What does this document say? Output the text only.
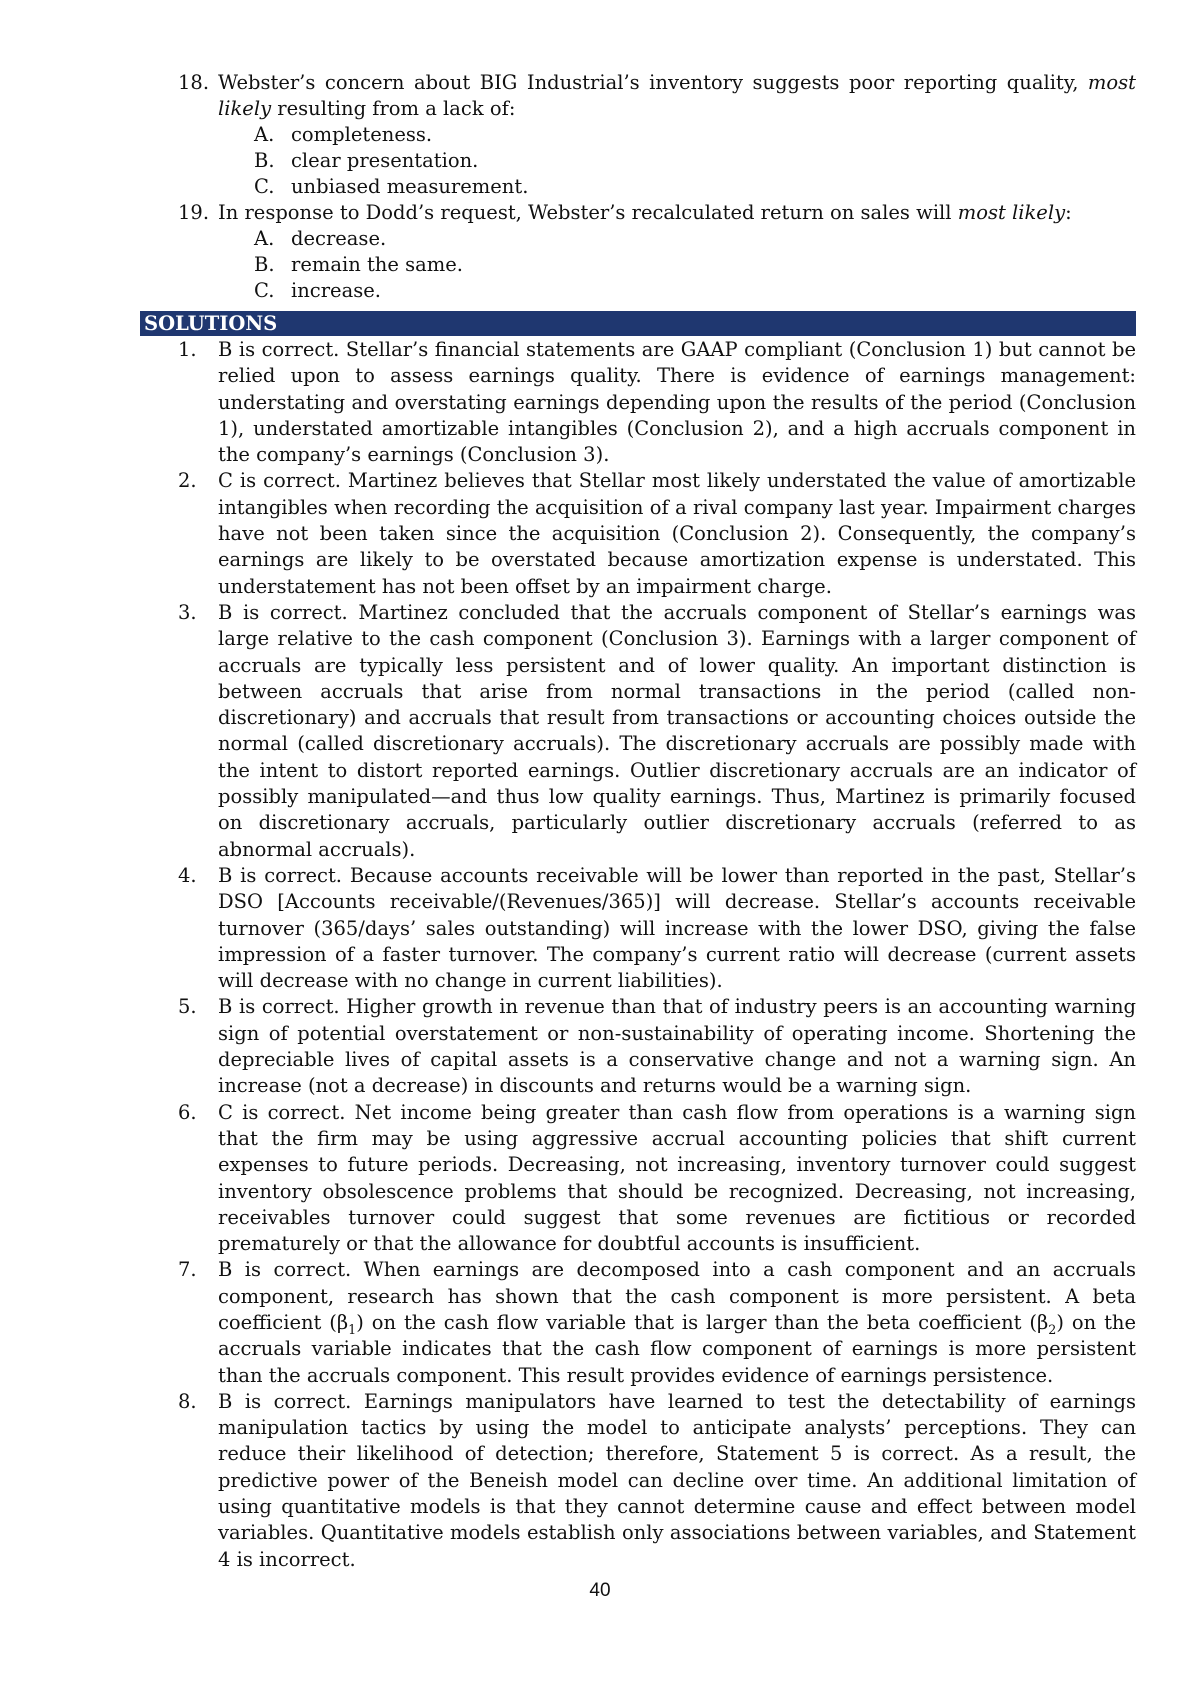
18. Webster’s concern about BIG Industrial’s inventory suggests poor reporting quality, most likely resulting from a lack of:
A. completeness.
B. clear presentation.
C. unbiased measurement.
19. In response to Dodd’s request, Webster’s recalculated return on sales will most likely:
A. decrease.
B. remain the same.
C. increase.
SOLUTIONS
1. B is correct. Stellar’s financial statements are GAAP compliant (Conclusion 1) but cannot be relied upon to assess earnings quality. There is evidence of earnings management: understating and overstating earnings depending upon the results of the period (Conclusion 1), understated amortizable intangibles (Conclusion 2), and a high accruals component in the company’s earnings (Conclusion 3).
2. C is correct. Martinez believes that Stellar most likely understated the value of amortizable intangibles when recording the acquisition of a rival company last year. Impairment charges have not been taken since the acquisition (Conclusion 2). Consequently, the company’s earnings are likely to be overstated because amortization expense is understated. This understatement has not been offset by an impairment charge.
3. B is correct. Martinez concluded that the accruals component of Stellar’s earnings was large relative to the cash component (Conclusion 3). Earnings with a larger component of accruals are typically less persistent and of lower quality. An important distinction is between accruals that arise from normal transactions in the period (called non-discretionary) and accruals that result from transactions or accounting choices outside the normal (called discretionary accruals). The discretionary accruals are possibly made with the intent to distort reported earnings. Outlier discretionary accruals are an indicator of possibly manipulated—and thus low quality earnings. Thus, Martinez is primarily focused on discretionary accruals, particularly outlier discretionary accruals (referred to as abnormal accruals).
4. B is correct. Because accounts receivable will be lower than reported in the past, Stellar’s DSO [Accounts receivable/(Revenues/365)] will decrease. Stellar’s accounts receivable turnover (365/days’ sales outstanding) will increase with the lower DSO, giving the false impression of a faster turnover. The company’s current ratio will decrease (current assets will decrease with no change in current liabilities).
5. B is correct. Higher growth in revenue than that of industry peers is an accounting warning sign of potential overstatement or non-sustainability of operating income. Shortening the depreciable lives of capital assets is a conservative change and not a warning sign. An increase (not a decrease) in discounts and returns would be a warning sign.
6. C is correct. Net income being greater than cash flow from operations is a warning sign that the firm may be using aggressive accrual accounting policies that shift current expenses to future periods. Decreasing, not increasing, inventory turnover could suggest inventory obsolescence problems that should be recognized. Decreasing, not increasing, receivables turnover could suggest that some revenues are fictitious or recorded prematurely or that the allowance for doubtful accounts is insufficient.
7. B is correct. When earnings are decomposed into a cash component and an accruals component, research has shown that the cash component is more persistent. A beta coefficient $(\beta_1)$ on the cash flow variable that is larger than the beta coefficient $(\beta_2)$ on the accruals variable indicates that the cash flow component of earnings is more persistent than the accruals component. This result provides evidence of earnings persistence.
8. B is correct. Earnings manipulators have learned to test the detectability of earnings manipulation tactics by using the model to anticipate analysts’ perceptions. They can reduce their likelihood of detection; therefore, Statement 5 is correct. As a result, the predictive power of the Beneish model can decline over time. An additional limitation of using quantitative models is that they cannot determine cause and effect between model variables. Quantitative models establish only associations between variables, and Statement 4 is incorrect.
40
